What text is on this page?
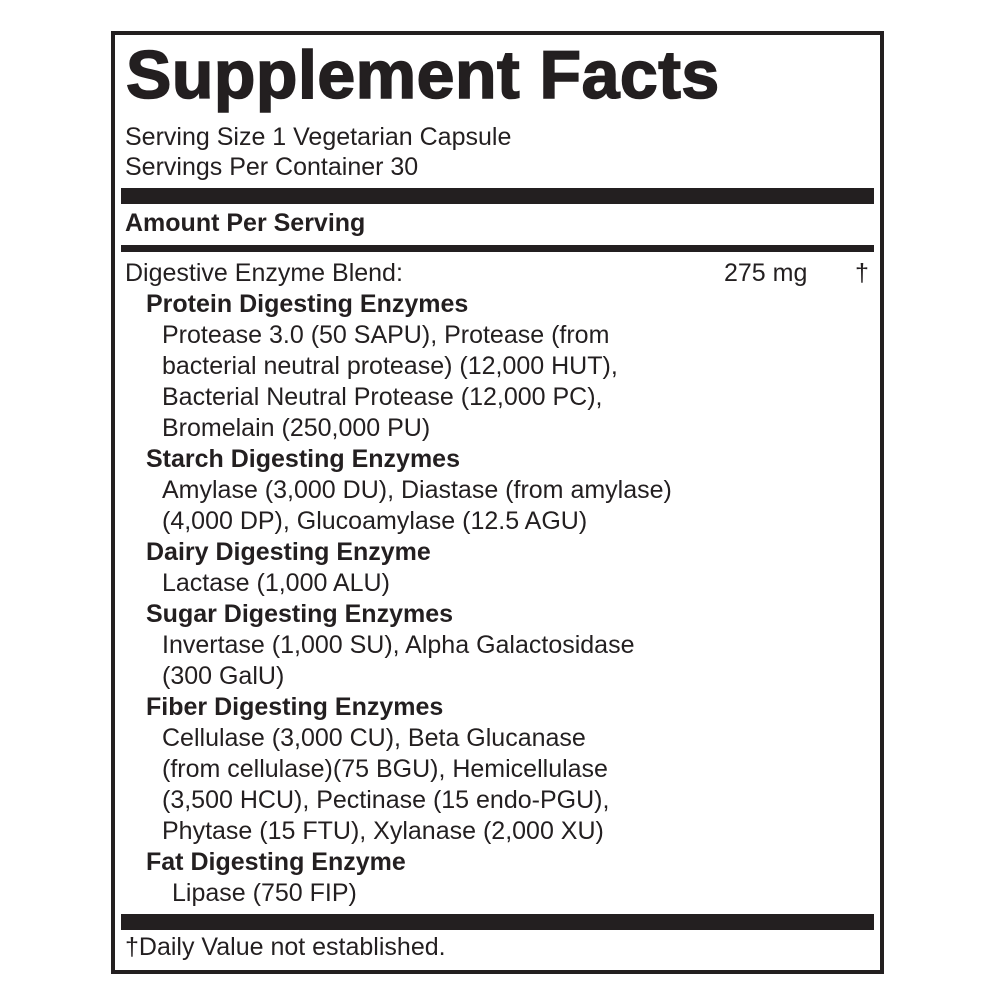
Supplement Facts
Serving Size 1 Vegetarian Capsule
Servings Per Container 30
Amount Per Serving
Digestive Enzyme Blend:	275 mg †
Protein Digesting Enzymes
Protease 3.0 (50 SAPU), Protease (from
bacterial neutral protease) (12,000 HUT),
Bacterial Neutral Protease (12,000 PC),
Bromelain (250,000 PU)
Starch Digesting Enzymes
Amylase (3,000 DU), Diastase (from amylase)
(4,000 DP), Glucoamylase (12.5 AGU)
Dairy Digesting Enzyme
Lactase (1,000 ALU)
Sugar Digesting Enzymes
Invertase (1,000 SU), Alpha Galactosidase
(300 GalU)
Fiber Digesting Enzymes
Cellulase (3,000 CU), Beta Glucanase
(from cellulase)(75 BGU), Hemicellulase
(3,500 HCU), Pectinase (15 endo-PGU),
Phytase (15 FTU), Xylanase (2,000 XU)
Fat Digesting Enzyme
Lipase (750 FIP)
†Daily Value not established.
